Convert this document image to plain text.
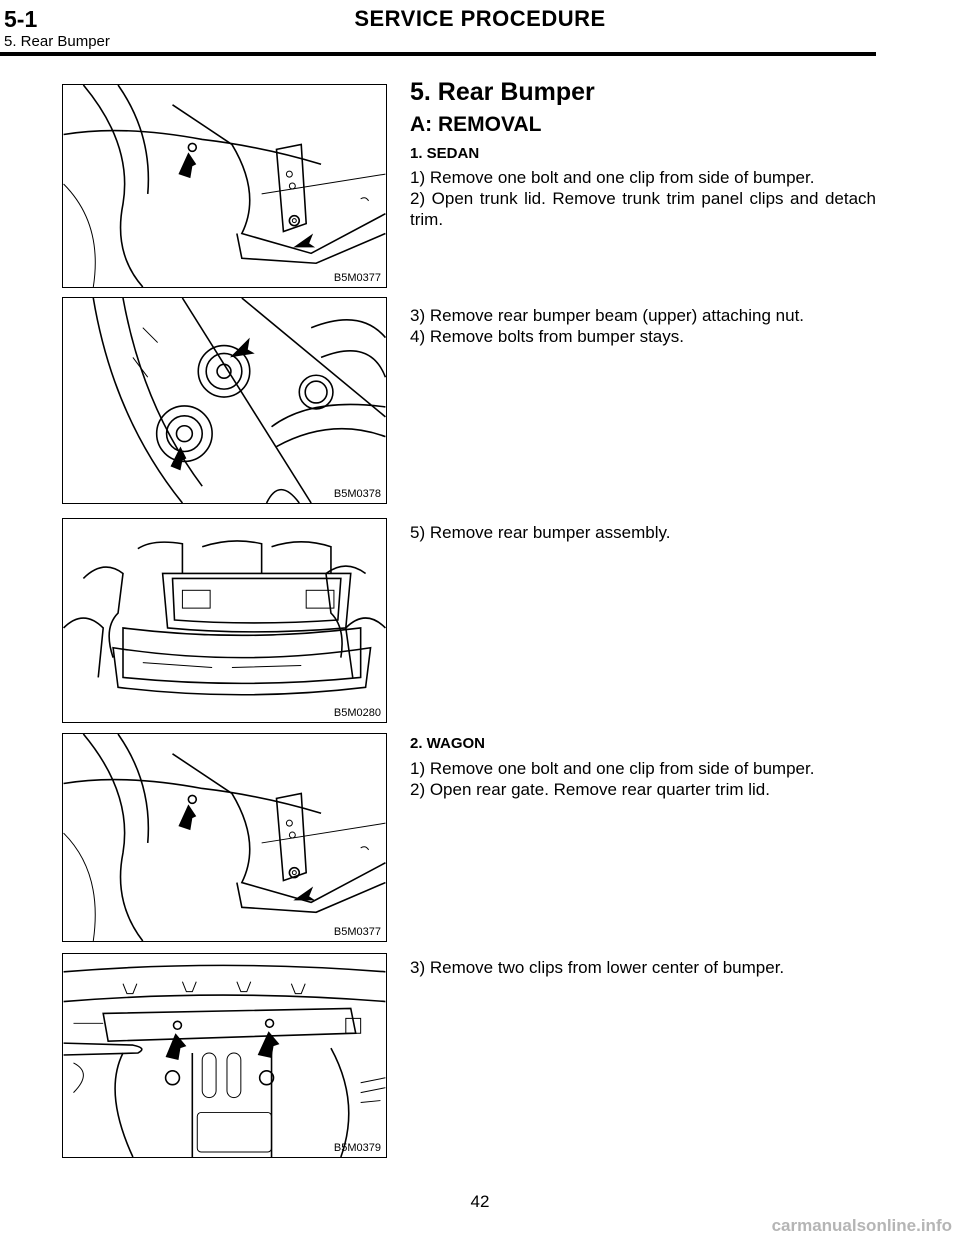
5-1	SERVICE PROCEDURE
5. Rear Bumper
B5M0377
B5M0378
B5M0280
B5M0377
B5M0379
5. Rear Bumper
A: REMOVAL
1. SEDAN
1) Remove one bolt and one clip from side of bumper.
2) Open trunk lid. Remove trunk trim panel clips and detach trim.
3) Remove rear bumper beam (upper) attaching nut.
4) Remove bolts from bumper stays.
5) Remove rear bumper assembly.
2. WAGON
1) Remove one bolt and one clip from side of bumper.
2) Open rear gate. Remove rear quarter trim lid.
3) Remove two clips from lower center of bumper.
42
carmanualsonline.info
